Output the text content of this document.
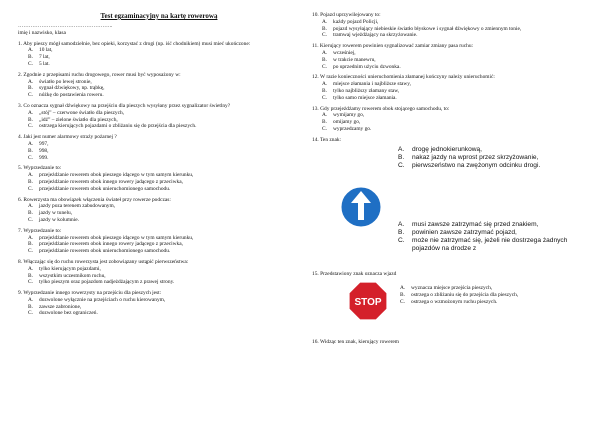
Test egzaminacyjny na kartę rowerową
……………………………………………..
imię i nazwisko, klasa
1. Aby pieszy mógł samodzielnie, bez opieki, korzystać z drogi (np. iść chodnikiem) musi mieć ukończone:
A.	10 lat,
B.	7 lat,
C.	5 lat.
2. Zgodnie z przepisami ruchu drogowego, rower musi być wyposażony w:
A.	światło po lewej stronie,
B.	sygnał dźwiękowy, np. trąbkę,
C.	nóżkę do postawienia roweru.
3. Co oznacza sygnał dźwiękowy na przejściu dla pieszych wysyłany przez sygnalizator świetlny?
A.	„stój” – czerwone światło dla pieszych,
B.	„idź” – zielone światło dla pieszych,
C.	ostrzega kierujących pojazdami o zbliżaniu się do przejścia dla pieszych.
4. Jaki jest numer alarmowy straży pożarnej ?
A.	997,
B.	998,
C.	999.
5. Wyprzedzanie to:
A.	przejeżdżanie rowerem obok pieszego idącego w tym samym kierunku,
B.	przejeżdżanie rowerem obok innego rowery jadącego z przeciwka,
C.	przejeżdżanie rowerem obok unieruchomionego samochodu.
6. Rowerzysta ma obowiązek włączenia świateł przy rowerze podczas:
A.	jazdy poza terenem zabudowanym,
B.	jazdy w tunelu,
C.	jazdy w kolumnie.
7. Wyprzedzanie to:
A.	przejeżdżanie rowerem obok pieszego idącego w tym samym kierunku,
B.	przejeżdżanie rowerem obok innego rowery jadącego z przeciwka,
C.	przejeżdżanie rowerem obok unieruchomionego samochodu.
8. Włączając się do ruchu rowerzysta jest zobowiązany ustąpić pierwszeństwa:
A.	tylko kierującym pojazdami,
B.	wszystkim uczestnikom ruchu,
C.	tylko pieszym oraz pojazdom nadjeżdżającym z prawej strony.
9. Wyprzedzanie innego rowerzysty na przejściu dla pieszych jest:
A.	dozwolone wyłącznie na przejściach o ruchu kierowanym,
B.	zawsze zabronione,
C.	dozwolone bez ograniczeń.
10. Pojazd uprzywilejowany to:
A.	każdy pojazd Policji,
B.	pojazd wysyłający niebieskie światło błyskowe i sygnał dźwiękowy o zmiennym tonie,
C.	tramwaj wjeżdżający na skrzyżowanie.
11. Kierujący rowerem powinien sygnalizować zamiar zmiany pasa ruchu:
A.	wcześniej,
B.	w trakcie manewru,
C.	po uprzednim użyciu dzwonka.
12. W razie konieczności unieruchomienia złamanej kończyny należy unieruchomić:
A.	miejsce złamania i najbliższe stawy,
B.	tylko najbliższy złamany staw,
C.	tylko samo miejsce złamania.
13. Gdy przejeżdżamy rowerem obok stojącego samochodu, to:
A.	wymijamy go,
B.	omijamy go,
C.	wyprzedzamy go.
14. Ten znak:
A.	drogę jednokierunkową,
B.	nakaz jazdy na wprost przez skrzyżowanie,
C.	pierwszeństwo na zwężonym odcinku drogi.
A.	musi zawsze zatrzymać się przed znakiem,
B.	powinien zawsze zatrzymać pojazd,
C.	może nie zatrzymać się, jeżeli nie dostrzega żadnych pojazdów na drodze z
15. Przedstawiony znak oznacza wjazd
STOP
A.	wyznacza miejsce przejścia pieszych,
B.	ostrzega o zbliżaniu się do przejścia dla pieszych,
C.	ostrzega o wzmożonym ruchu pieszych.
16. Widząc ten znak, kierujący rowerem
